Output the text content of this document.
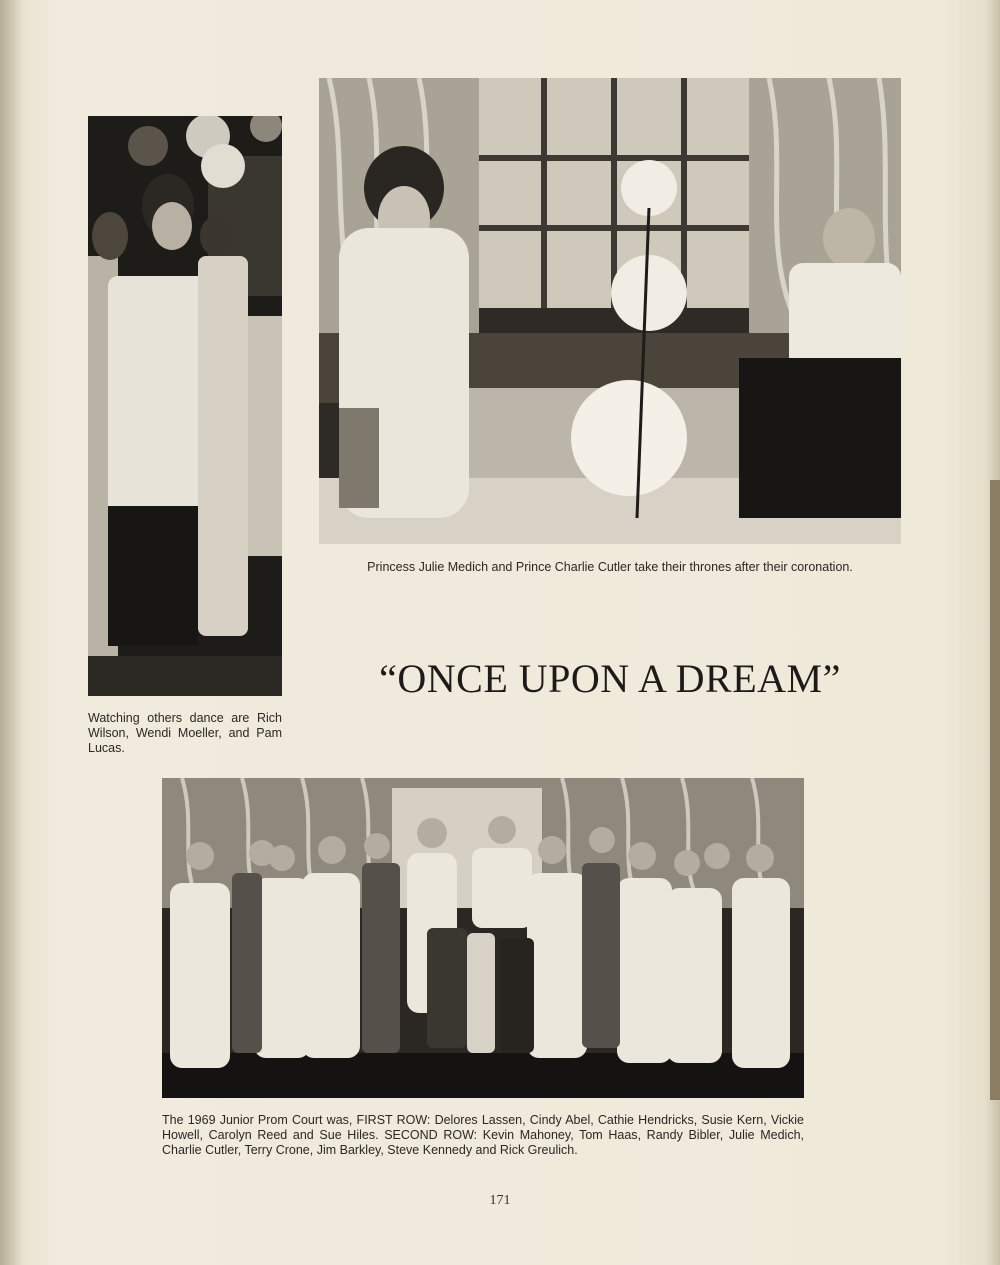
Princess Julie Medich and Prince Charlie Cutler take their thrones after their coronation.
“ONCE UPON A DREAM”
Watching others dance are Rich Wilson, Wendi Moeller, and Pam Lucas.
The 1969 Junior Prom Court was, FIRST ROW: Delores Lassen, Cindy Abel, Cathie Hendricks, Susie Kern, Vickie Howell, Carolyn Reed and Sue Hiles. SECOND ROW: Kevin Mahoney, Tom Haas, Randy Bibler, Julie Medich, Charlie Cutler, Terry Crone, Jim Barkley, Steve Kennedy and Rick Greulich.
171
